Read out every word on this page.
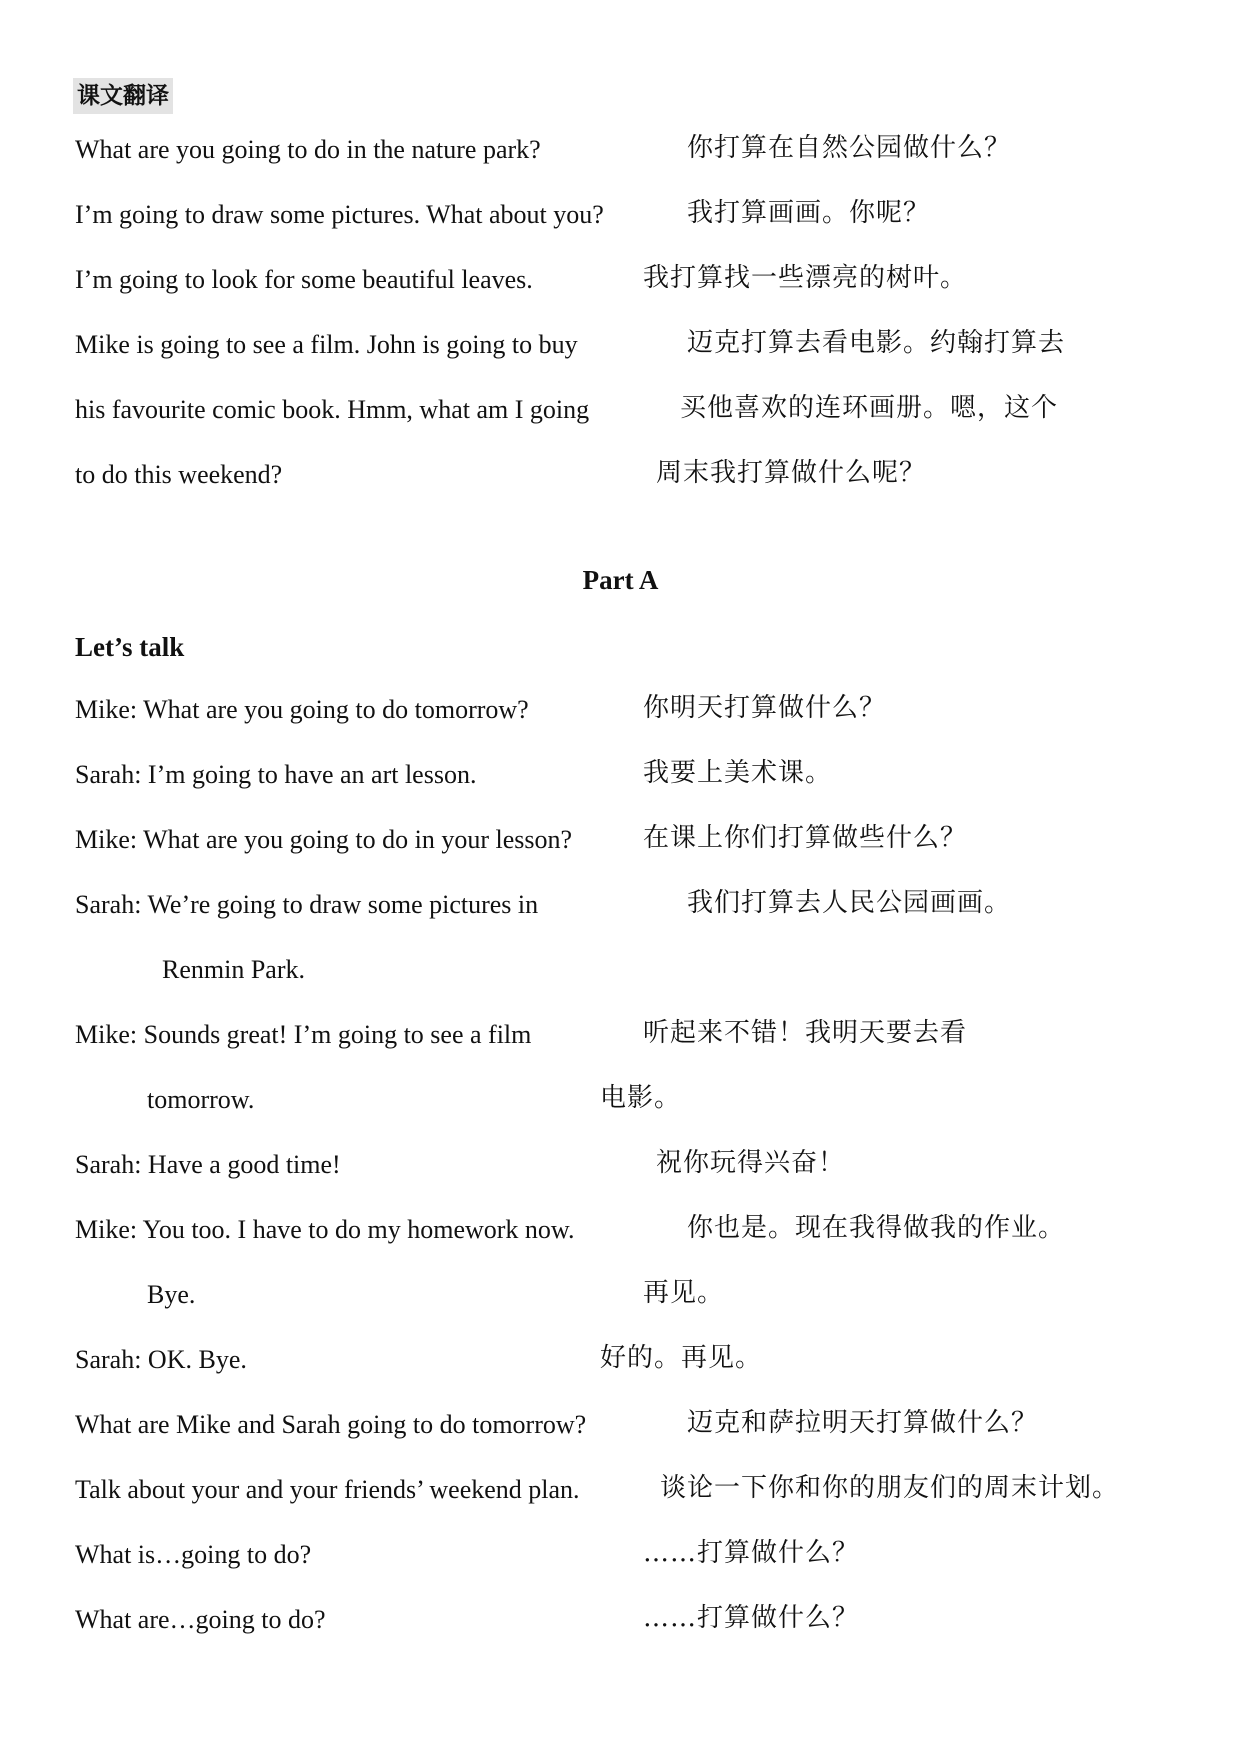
课文翻译
What are you going to do in the nature park?	你打算在自然公园做什么？
I’m going to draw some pictures. What about you?	我打算画画。你呢？
I’m going to look for some beautiful leaves.	我打算找一些漂亮的树叶。
Mike is going to see a film. John is going to buy	迈克打算去看电影。约翰打算去
his favourite comic book. Hmm, what am I going	买他喜欢的连环画册。嗯，这个
to do this weekend?	周末我打算做什么呢？
Part A
Let’s talk
Mike: What are you going to do tomorrow?	你明天打算做什么？
Sarah: I’m going to have an art lesson.	我要上美术课。
Mike: What are you going to do in your lesson?	在课上你们打算做些什么？
Sarah: We’re going to draw some pictures in	我们打算去人民公园画画。
Renmin Park.
Mike: Sounds great! I’m going to see a film	听起来不错！我明天要去看
tomorrow.	电影。
Sarah: Have a good time!	祝你玩得兴奋！
Mike: You too. I have to do my homework now.	你也是。现在我得做我的作业。
Bye.	再见。
Sarah: OK. Bye.	好的。再见。
What are Mike and Sarah going to do tomorrow?	迈克和萨拉明天打算做什么？
Talk about your and your friends’ weekend plan.	谈论一下你和你的朋友们的周末计划。
What is…going to do?	……打算做什么？
What are…going to do?	……打算做什么？
